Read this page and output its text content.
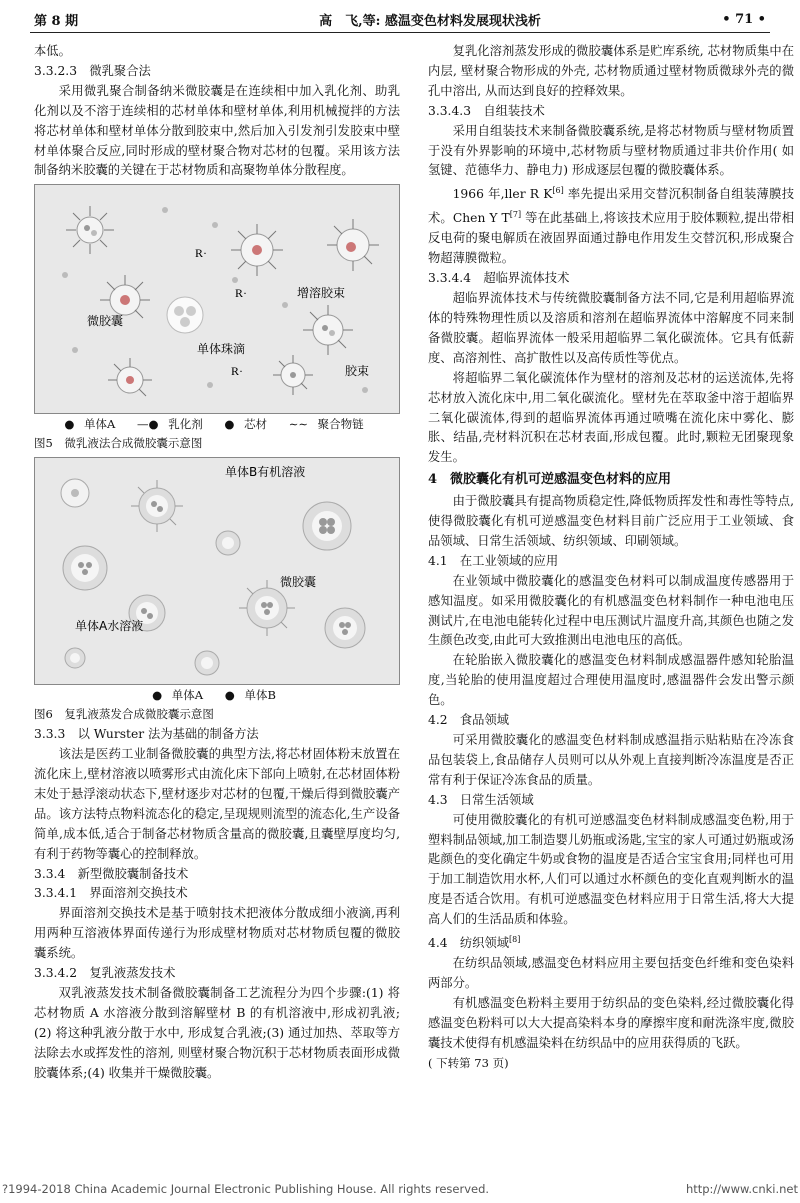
第 8 期	高　飞,等: 感温变色材料发展现状浅析	• 71 •

本低。

3.3.2.3　微乳聚合法

采用微乳聚合制备纳米微胶囊是在连续相中加入乳化剂、助乳化剂以及不溶于连续相的芯材单体和壁材单体,利用机械搅拌的方法将芯材单体和壁材单体分散到胶束中,然后加入引发剂引发胶束中壁材单体聚合反应,同时形成的壁材聚合物对芯材的包覆。采用该方法制备纳米胶囊的关键在于芯材物质和高聚物单体分散程度。

R·
R·
R·
微胶囊
增溶胶束
单体珠滴
胶束
● 单体A —● 乳化剂 ● 芯材 ∼∼ 聚合物链

图5　微乳液法合成微胶囊示意图

单体B有机溶液
单体A水溶液
微胶囊
● 单体A ● 单体B

图6　复乳液蒸发合成微胶囊示意图

3.3.3　以 Wurster 法为基础的制备方法

该法是医药工业制备微胶囊的典型方法,将芯材固体粉末放置在流化床上,壁材溶液以喷雾形式由流化床下部向上喷射,在芯材固体粉末处于悬浮滚动状态下,壁材逐步对芯材的包覆,干燥后得到微胶囊产品。该方法特点物料流态化的稳定,呈现规则流型的流态化,生产设备简单,成本低,适合于制备芯材物质含量高的微胶囊,且囊壁厚度均匀,有利于药物等囊心的控制释放。

3.3.4　新型微胶囊制备技术

3.3.4.1　界面溶剂交换技术

界面溶剂交换技术是基于喷射技术把液体分散成细小液滴,再利用两种互溶液体界面传递行为形成壁材物质对芯材物质包覆的微胶囊系统。

3.3.4.2　复乳液蒸发技术

双乳液蒸发技术制备微胶囊制备工艺流程分为四个步骤:(1) 将芯材物质 A 水溶液分散到溶解壁材 B 的有机溶液中,形成初乳液;(2) 将这种乳液分散于水中, 形成复合乳液;(3) 通过加热、萃取等方法除去水或挥发性的溶剂, 则壁材聚合物沉积于芯材物质表面形成微胶囊体系;(4) 收集并干燥微胶囊。

复乳化溶剂蒸发形成的微胶囊体系是贮库系统, 芯材物质集中在内层, 壁材聚合物形成的外壳, 芯材物质通过壁材物质微球外壳的微孔中溶出, 从而达到良好的控释效果。

3.3.4.3　自组装技术

采用自组装技术来制备微胶囊系统,是将芯材物质与壁材物质置于没有外界影响的环境中,芯材物质与壁材物质通过非共价作用( 如氢键、范德华力、静电力) 形成逐层包覆的微胶囊体系。

1966 年,ller R K[6] 率先提出采用交替沉积制备自组装薄膜技术。Chen Y T[7] 等在此基础上,将该技术应用于胶体颗粒,提出带相反电荷的聚电解质在液固界面通过静电作用发生交替沉积,形成聚合物超薄膜微粒。

3.3.4.4　超临界流体技术

超临界流体技术与传统微胶囊制备方法不同,它是利用超临界流体的特殊物理性质以及溶质和溶剂在超临界流体中溶解度不同来制备微胶囊。超临界流体一般采用超临界二氧化碳流体。它具有低薪度、高溶剂性、高扩散性以及高传质性等优点。

将超临界二氧化碳流体作为壁材的溶剂及芯材的运送流体,先将芯材放入流化床中,用二氧化碳流化。壁材先在萃取釜中溶于超临界二氧化碳流体,得到的超临界流体再通过喷嘴在流化床中雾化、膨胀、结晶,壳材料沉积在芯材表面,形成包覆。此时,颗粒无团聚现象发生。

4　微胶囊化有机可逆感温变色材料的应用

由于微胶囊具有提高物质稳定性,降低物质挥发性和毒性等特点,使得微胶囊化有机可逆感温变色材料目前广泛应用于工业领域、食品领域、日常生活领域、纺织领域、印刷领域。

4.1　在工业领域的应用

在业领域中微胶囊化的感温变色材料可以制成温度传感器用于感知温度。如采用微胶囊化的有机感温变色材料制作一种电池电压测试片,在电池电能转化过程中电压测试片温度升高,其颜色也随之发生颜色改变,由此可大致推测出电池电压的高低。

在轮胎嵌入微胶囊化的感温变色材料制成感温器件感知轮胎温度,当轮胎的使用温度超过合理使用温度时,感温器件会发出警示颜色。

4.2　食品领域

可采用微胶囊化的感温变色材料制成感温指示贴粘贴在冷冻食品包装袋上,食品储存人员则可以从外观上直接判断冷冻温度是否正常有利于保证冷冻食品的质量。

4.3　日常生活领域

可使用微胶囊化的有机可逆感温变色材料制成感温变色粉,用于塑料制品领域,加工制造婴儿奶瓶或汤匙,宝宝的家人可通过奶瓶或汤匙颜色的变化确定牛奶或食物的温度是否适合宝宝食用;同样也可用于加工制造饮用水杯,人们可以通过水杯颜色的变化直观判断水的温度是否适合饮用。有机可逆感温变色材料应用于日常生活,将大大提高人们的生活品质和体验。

4.4　纺织领域[8]

在纺织品领域,感温变色材料应用主要包括变色纤维和变色染料两部分。

有机感温变色粉料主要用于纺织品的变色染料,经过微胶囊化得感温变色粉料可以大大提高染料本身的摩擦牢度和耐洗涤牢度,微胶囊技术使得有机感温染料在纺织品中的应用获得质的飞跃。

( 下转第 73 页)

?1994-2018 China Academic Journal Electronic Publishing House. All rights reserved.	http://www.cnki.net
